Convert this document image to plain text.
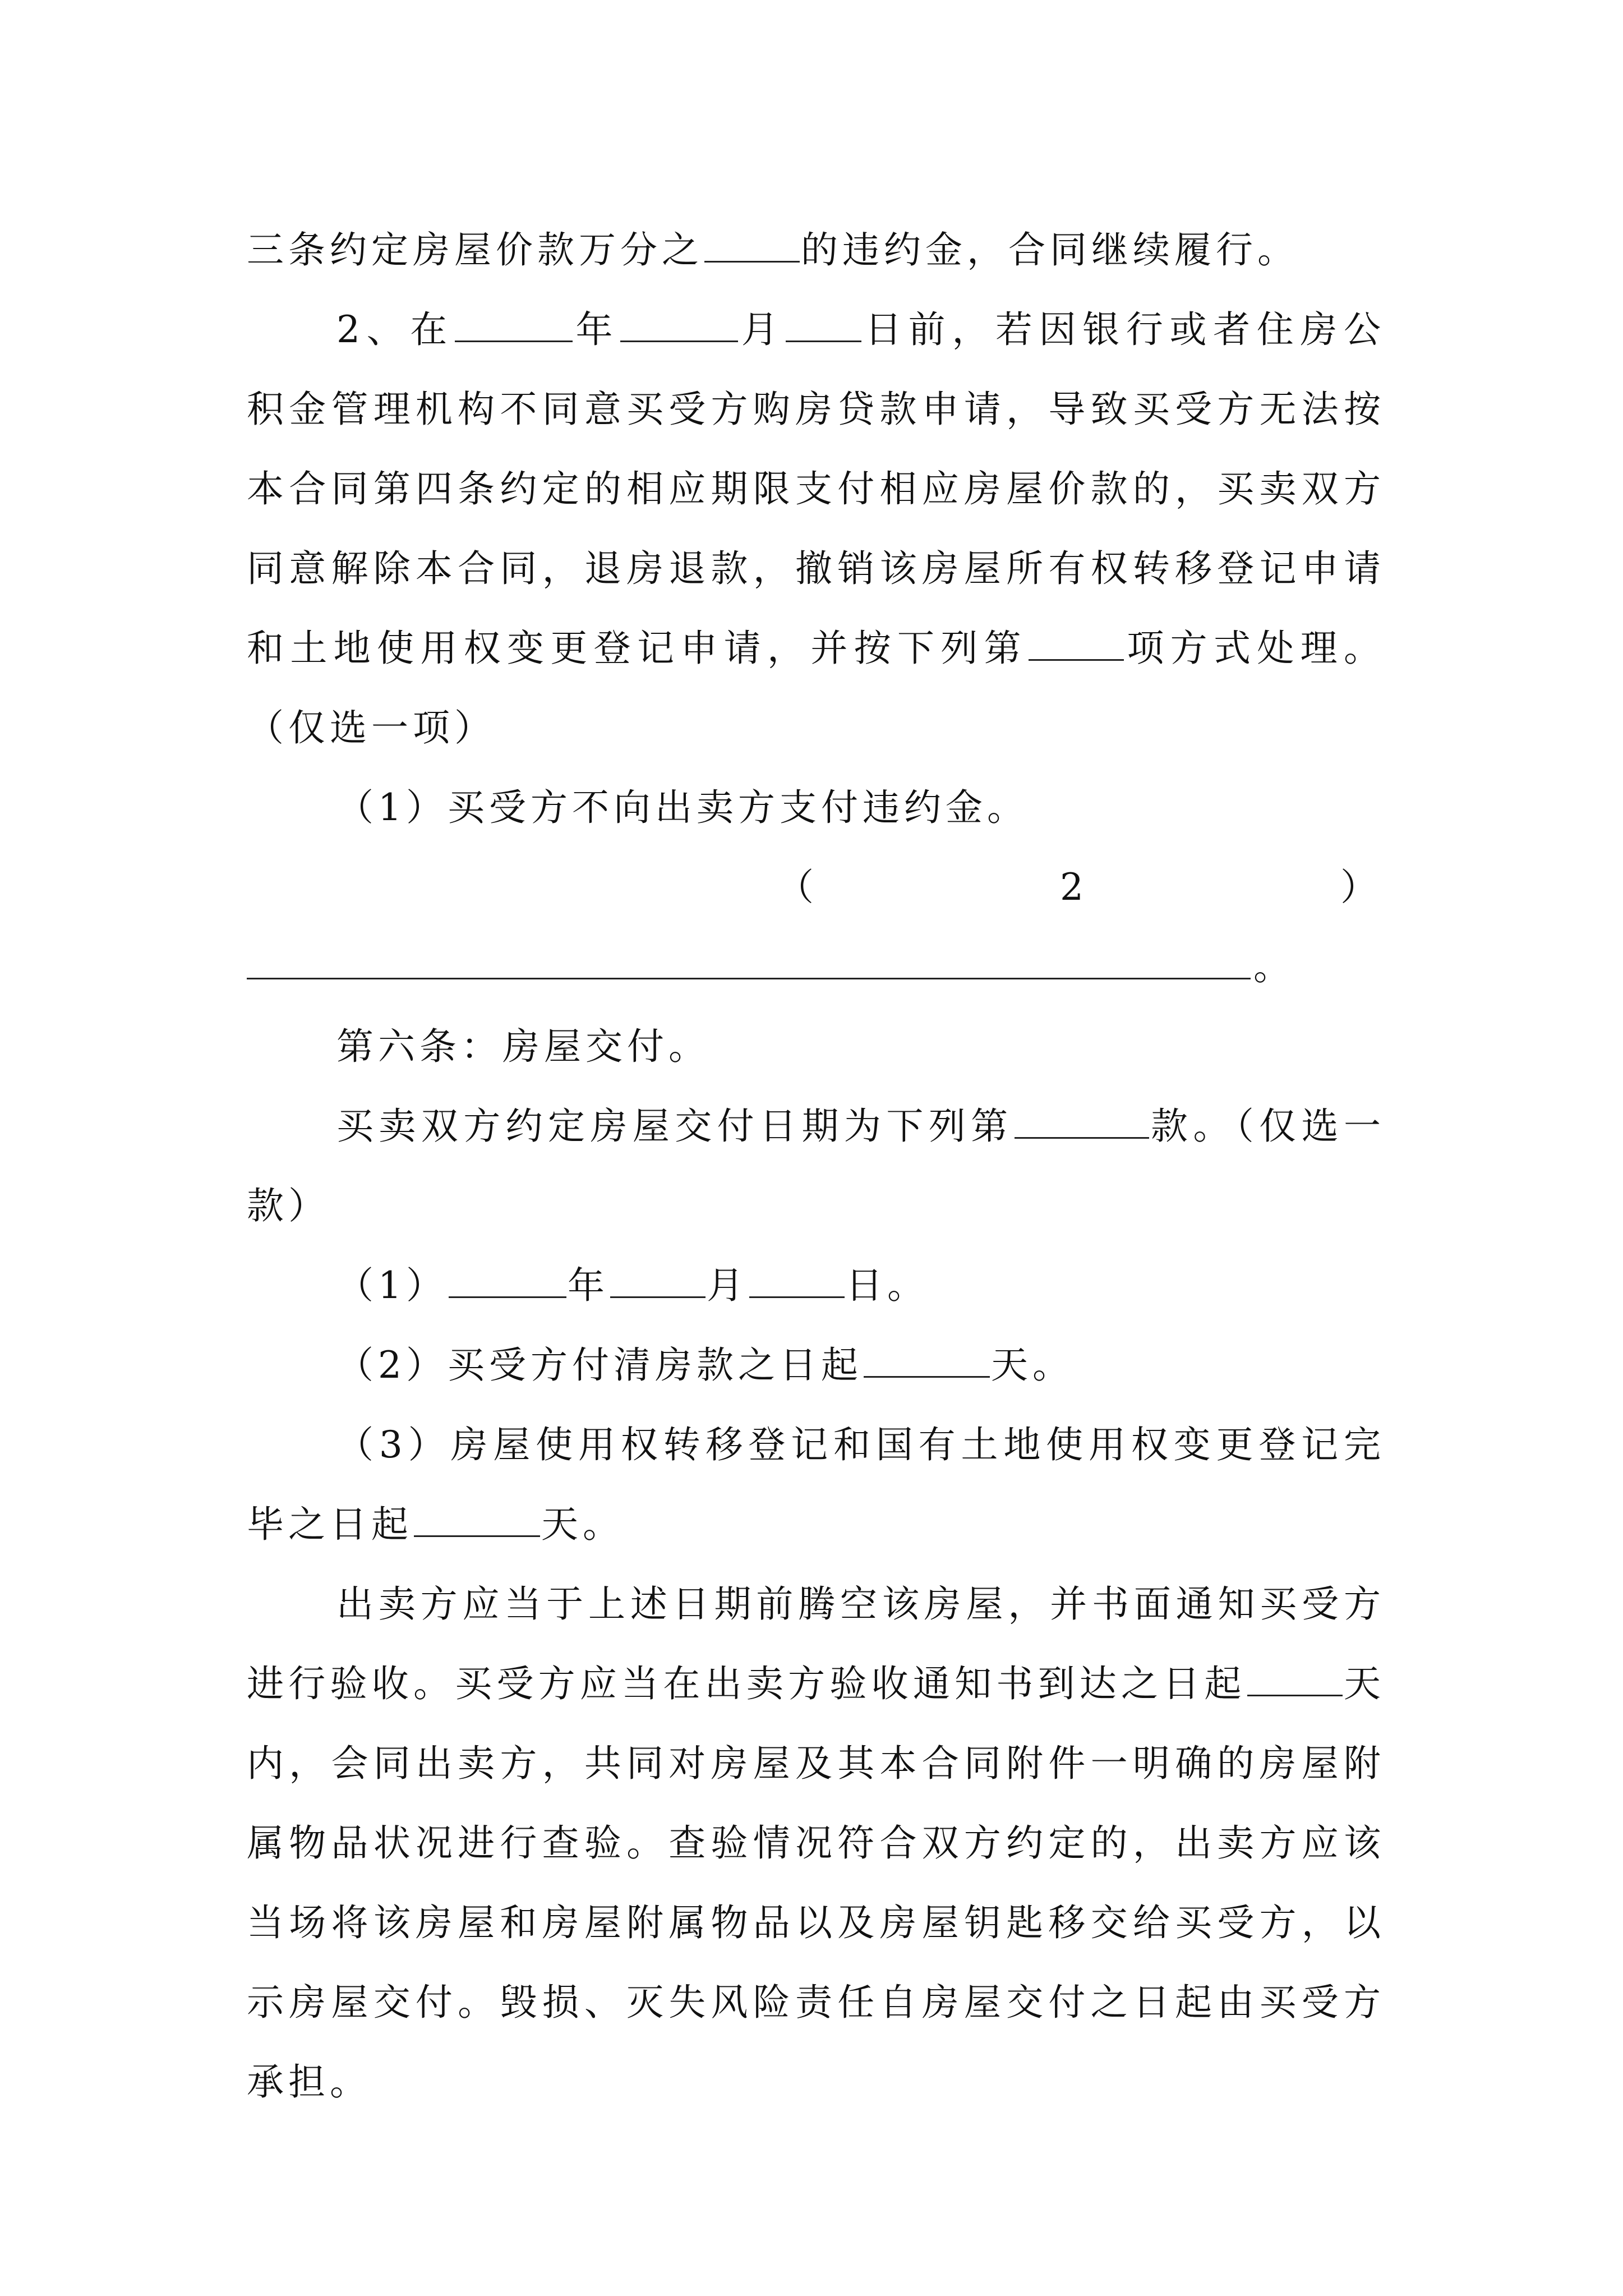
三条约定房屋价款万分之	的违约金，合同继续履行。

2、在	年	月 日前，若因银行或者住房公积金管理机构不同意买受方购房贷款申请，导致买受方无法按本合同第四条约定的相应期限支付相应房屋价款的，买卖双方同意解除本合同，退房退款，撤销该房屋所有权转移登记申请和土地使用权变更登记申请，并按下列第	项方式处理。（仅选一项）

（1）买受方不向出卖方支付违约金。

（	2	）
。

第六条：房屋交付。

买卖双方约定房屋交付日期为下列第	款。（仅选一款）

（1）	年	月	日。

（2）买受方付清房款之日起	天。

（3）房屋使用权转移登记和国有土地使用权变更登记完毕之日起	天。

出卖方应当于上述日期前腾空该房屋，并书面通知买受方进行验收。买受方应当在出卖方验收通知书到达之日起	天内，会同出卖方，共同对房屋及其本合同附件一明确的房屋附属物品状况进行查验。查验情况符合双方约定的，出卖方应该当场将该房屋和房屋附属物品以及房屋钥匙移交给买受方，以示房屋交付。毁损、灭失风险责任自房屋交付之日起由买受方承担。
